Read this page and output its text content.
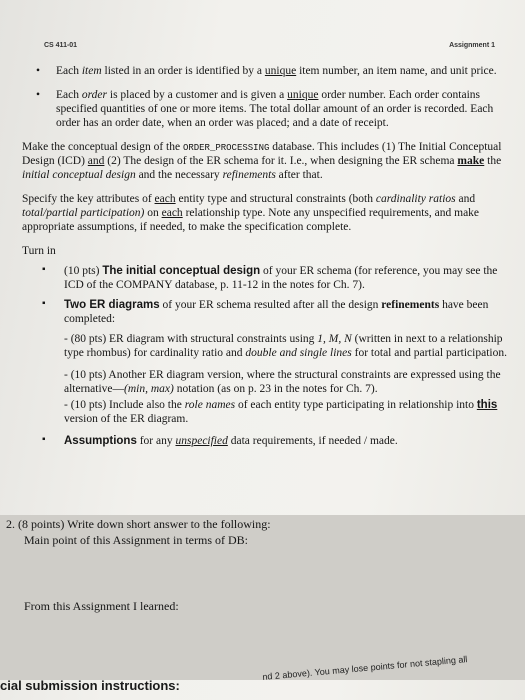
CS 411-01	Assignment 1
• Each item listed in an order is identified by a unique item number, an item name, and unit price.
• Each order is placed by a customer and is given a unique order number. Each order contains specified quantities of one or more items. The total dollar amount of an order is recorded. Each order has an order date, when an order was placed; and a date of receipt.
Make the conceptual design of the ORDER_PROCESSING database. This includes (1) The Initial Conceptual Design (ICD) and (2) The design of the ER schema for it. I.e., when designing the ER schema make the initial conceptual design and the necessary refinements after that.
Specify the key attributes of each entity type and structural constraints (both cardinality ratios and total/partial participation) on each relationship type. Note any unspecified requirements, and make appropriate assumptions, if needed, to make the specification complete.
Turn in
▪ (10 pts) The initial conceptual design of your ER schema (for reference, you may see the ICD of the COMPANY database, p. 11-12 in the notes for Ch. 7).
▪ Two ER diagrams of your ER schema resulted after all the design refinements have been completed:
- (80 pts) ER diagram with structural constraints using 1, M, N (written in next to a relationship type rhombus) for cardinality ratio and double and single lines for total and partial participation.
- (10 pts) Another ER diagram version, where the structural constraints are expressed using the alternative—(min, max) notation (as on p. 23 in the notes for Ch. 7).
- (10 pts) Include also the role names of each entity type participating in relationship into this version of the ER diagram.
▪ Assumptions for any unspecified data requirements, if needed / made.
2. (8 points) Write down short answer to the following:
Main point of this Assignment in terms of DB:
From this Assignment I learned:
cial submission instructions:
nd 2 above). You may lose points for not stapling all
